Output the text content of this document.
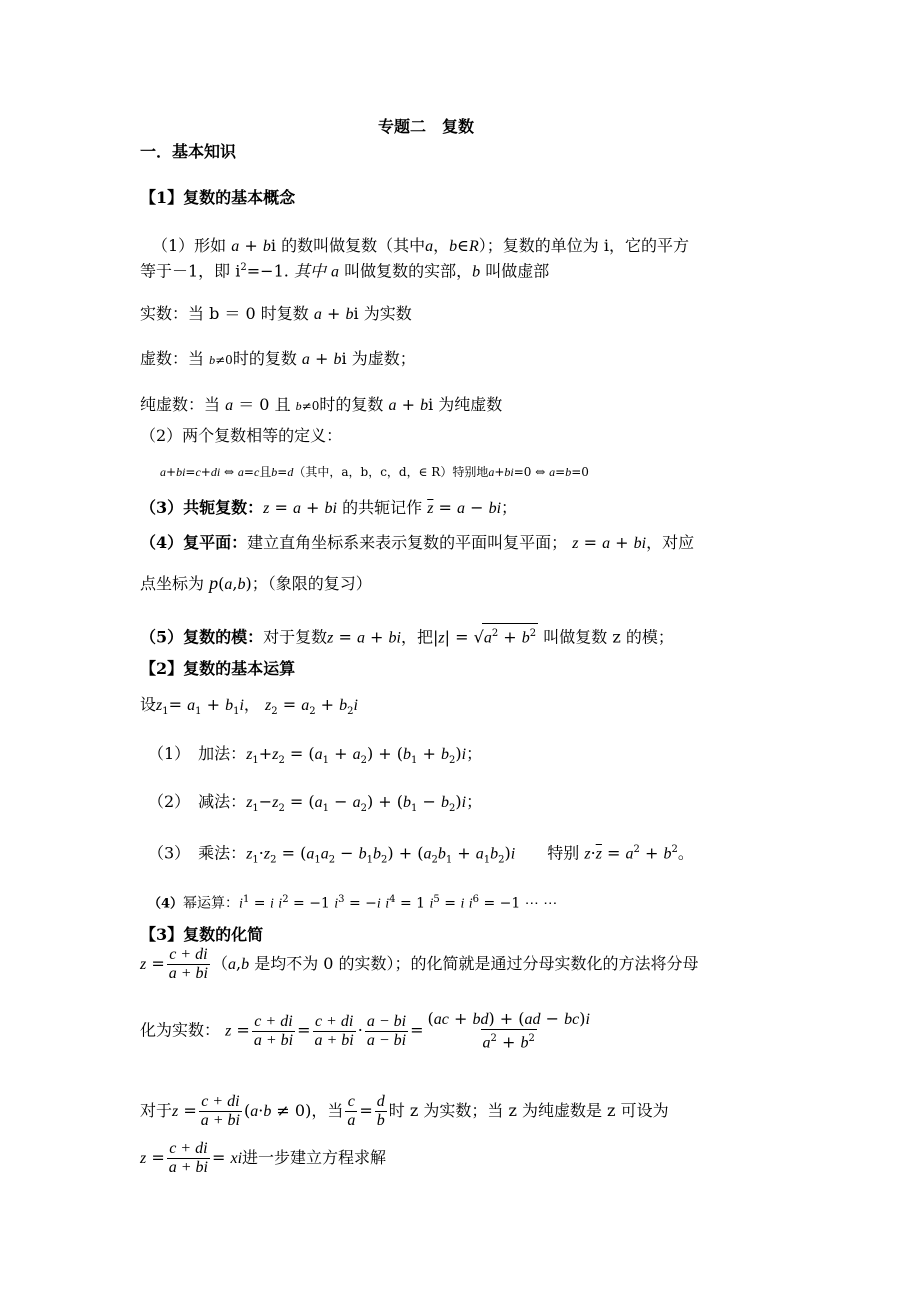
专题二　复数
一．基本知识
【1】复数的基本概念
（1）形如 a + bi 的数叫做复数（其中a，b∈R）；复数的单位为 i，它的平方
等于－1，即 $i^2=-1$. 其中 a 叫做复数的实部，b 叫做虚部
实数：当 b ＝ 0 时复数 a + bi 为实数
虚数：当 b≠0时的复数 a + bi 为虚数；
纯虚数：当 a ＝ 0 且 b≠0时的复数 a + bi 为纯虚数
（2）两个复数相等的定义：
a+bi=c+di ⇔ a=c且b=d（其中，a，b，c，d，∈ R）特别地a+bi=0 ⇔ a=b=0
（3）共轭复数：z = a + bi 的共轭记作 $\overline{z} = a$ − bi；
（4）复平面：建立直角坐标系来表示复数的平面叫复平面； z = a + bi，对应
点坐标为 p(a,b)；（象限的复习）
（5）复数的模：对于复数z = a + bi，把$|z| = √a^2 + b^2$ 叫做复数 z 的模；
【2】复数的基本运算
设$z_1= a_1 + b_1i$， $z_2 = a_2 + b_2i$
（1）　加法：$z_1+z_2 = (a_1 + a_2) + (b_1 + b_2)i$；
（2）　减法：$z_1-z_2 = (a_1 - a_2) + (b_1 - b_2)i$；
（3）　乘法：$z_1\cdot z_2 = (a_1a_2 - b_1b_2) + (a_2b_1 + a_1b_2)i$　　 特别 $z\cdot\overline{z} = a^2 + b^2$。
（4）幂运算：$i^1 = i$ $i^2 = -1$ $i^3 = -i$ $i^4 = 1$ $i^5 = i$ $i^6 = -1$ ⋯ ⋯
【3】复数的化简
$z = \frac{c + di}{a + bi} (a,b$ 是均不为 0 的实数）；的化简就是通过分母实数化的方法将分母
化为实数： $z = \frac{c + di}{a + bi} = \frac{c + di}{a + bi} \cdot \frac{a - bi}{a - bi} = \frac{(ac + bd) + (ad - bc)i}{a^2 + b^2}$
对于$z = \frac{c + di}{a + bi} (a\cdot b \ne 0)$，当 $\frac{c}{a} = \frac{d}{b}$ 时 z 为实数；当 z 为纯虚数是 z 可设为
$z = \frac{c + di}{a + bi}$ = xi进一步建立方程求解
